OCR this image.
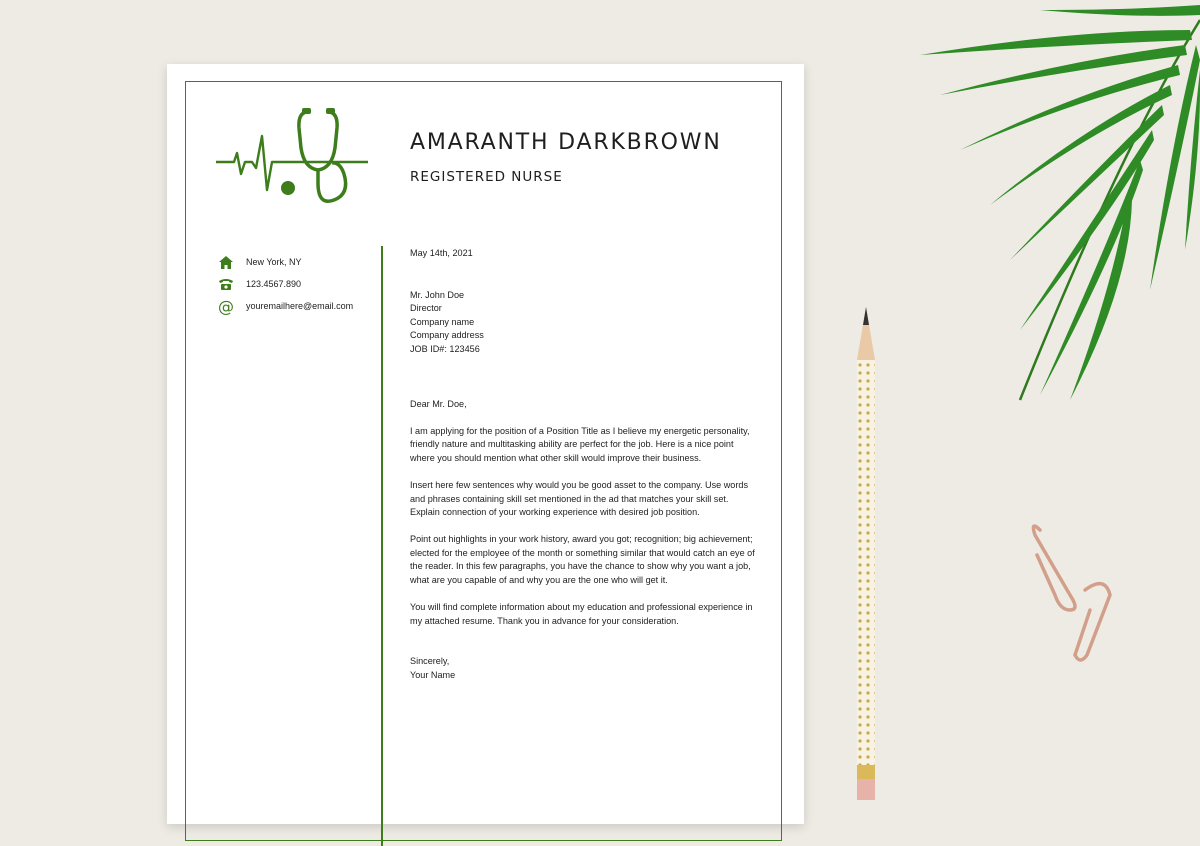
AMARANTH DARKBROWN
REGISTERED NURSE
New York, NY
123.4567.890
@ youremailhere@email.com

May 14th, 2021

Mr. John Doe

Director

Company name

Company address

JOB ID#: 123456

Dear Mr. Doe,

I am applying for the position of a Position Title as I believe my energetic personality, friendly nature and multitasking ability are perfect for the job. Here is a nice point where you should mention what other skill would improve their business.

Insert here few sentences why would you be good asset to the company. Use words and phrases containing skill set mentioned in the ad that matches your skill set. Explain connection of your working experience with desired job position.

Point out highlights in your work history, award you got; recognition; big achievement; elected for the employee of the month or something similar that would catch an eye of the reader. In this few paragraphs, you have the chance to show why you want a job, what are you capable of and why you are the one who will get it.

You will find complete information about my education and professional experience in my attached resume. Thank you in advance for your consideration.

Sincerely,

Your Name
